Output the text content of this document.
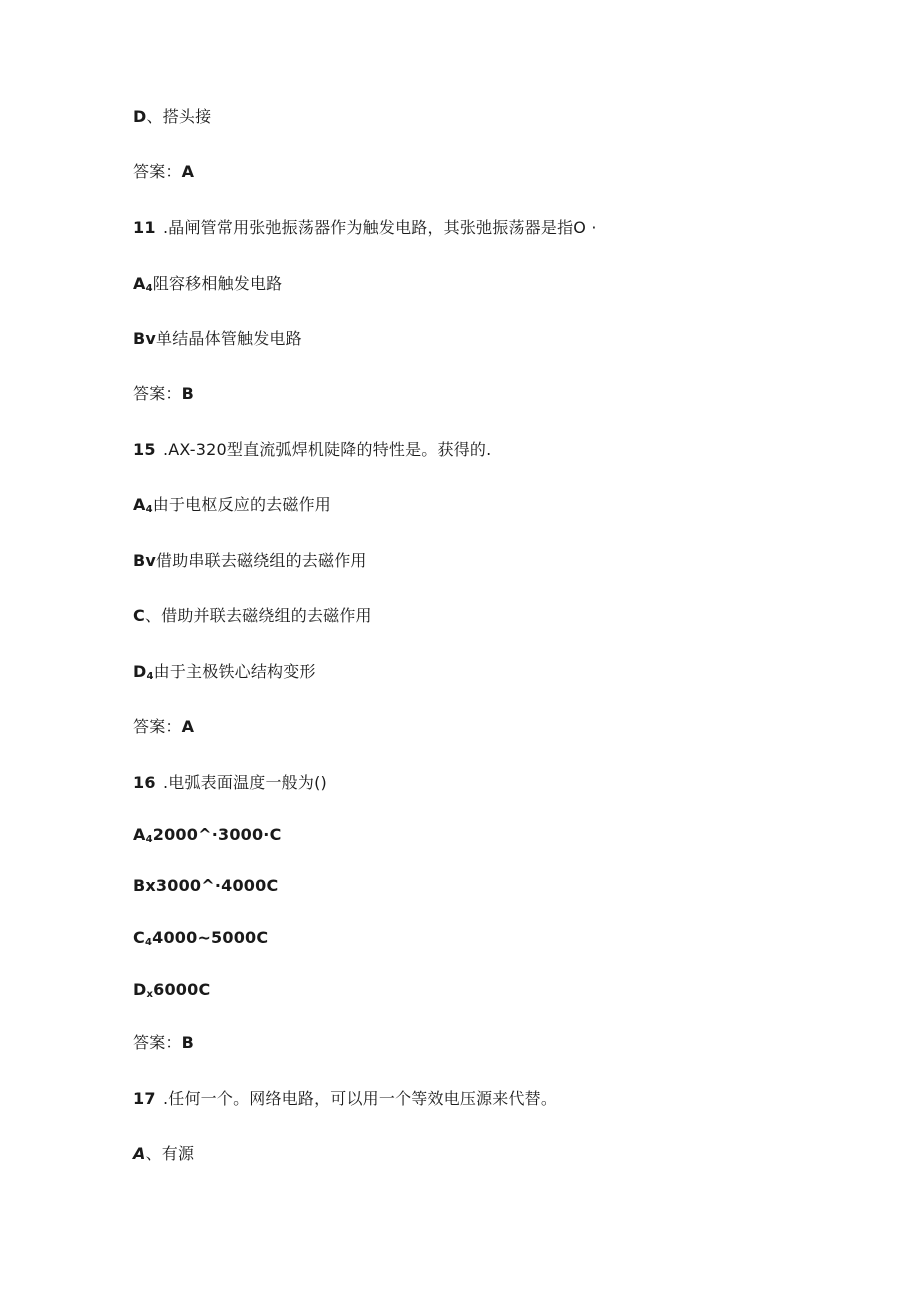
D、搭头接
答案：A
11 .晶闸管常用张弛振荡器作为触发电路，其张弛振荡器是指O ·
$A_4$阻容移相触发电路
Bv单结晶体管触发电路
答案：B
15 .AX-320型直流弧焊机陡降的特性是。获得的.
$A_4$由于电枢反应的去磁作用
Bv借助串联去磁绕组的去磁作用
C、借助并联去磁绕组的去磁作用
$D_4$由于主极铁心结构变形
答案：A
16 .电弧表面温度一般为()
$A_42000\^{}\cdot 3000\cdot C$
Bx3000^·4000C
$C_44000\sim 5000C$
$D_x6000C$
答案：B
17 .任何一个。网络电路，可以用一个等效电压源来代替。
A、有源
